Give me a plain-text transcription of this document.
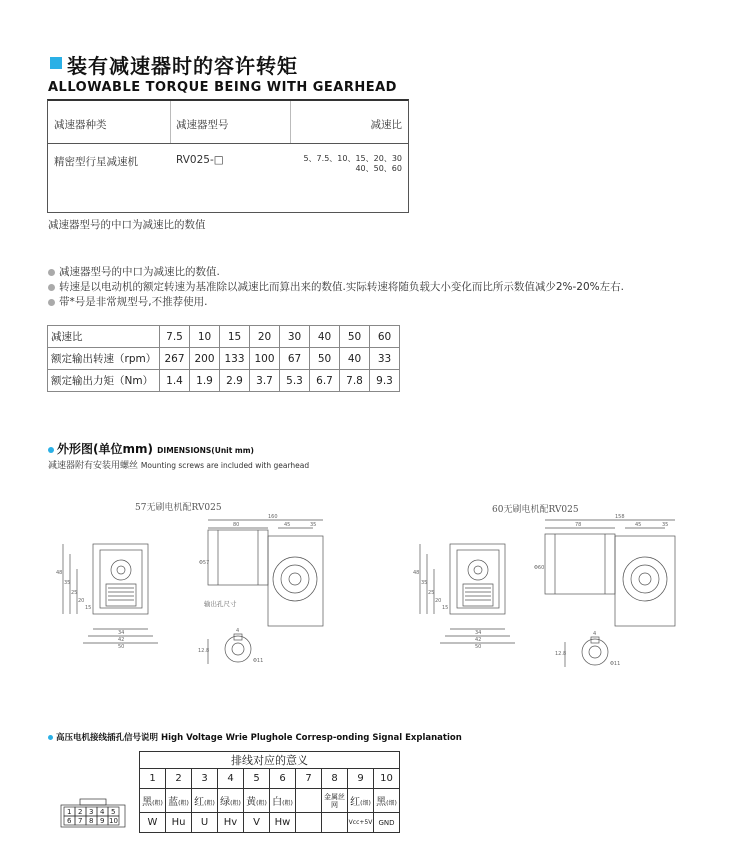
装有减速器时的容许转矩
ALLOWABLE TORQUE BEING WITH GEARHEAD
减速器种类	减速器型号	减速比
精密型行星减速机	RV025-□	5、7.5、10、15、20、30
40、50、60
减速器型号的中口为减速比的数值
减速器型号的中口为减速比的数值.
转速是以电动机的额定转速为基准除以减速比而算出来的数值.实际转速将随负载大小变化而比所示数值减少2%-20%左右.
带*号是非常规型号,不推荐使用.
减速比	7.5	10	15	20	30	40	50	60
额定输出转速（rpm）	267	200	133	100	67	50	40	33
额定输出力矩（Nm）	1.4	1.9	2.9	3.7	5.3	6.7	7.8	9.3
外形图(单位mm) DIMENSIONS(Unit mm)
减速器附有安装用螺丝 Mounting screws are included with gearhead
57无刷电机配RV025	60无刷电机配RV025
160
80	45	35
Φ57
34
42
50
48
35
25
20
15	输出孔尺寸
4
12.8
Φ11
158
78	45	35
Φ60
34
42
50
48
35
25
20
15
4
12.8
Φ11
高压电机接线插孔信号说明 High Voltage Wrie Plughole Corresp-onding Signal Explanation
排线对应的意义									
1	2	3	4	5	6	7	8	9	10
黑(粗)	蓝(粗)	红(粗)	绿(粗)	黄(粗)	白(粗)		金属丝网	红(细)	黑(细)
W	Hu	U	Hv	V	Hw			Vcc+5V	GND
1 2 3 4 5
6 7 8 9 10
